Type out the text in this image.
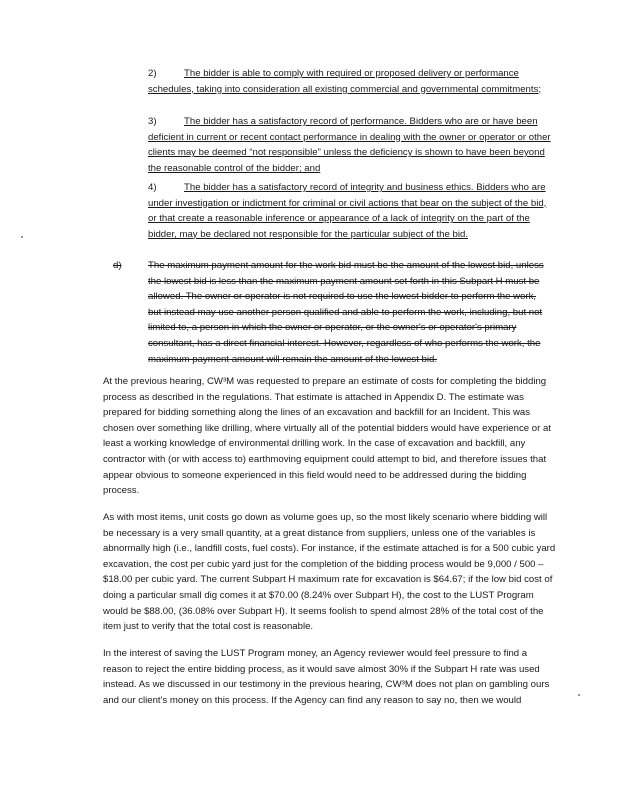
2)	The bidder is able to comply with required or proposed delivery or performance schedules, taking into consideration all existing commercial and governmental commitments;

3)	The bidder has a satisfactory record of performance. Bidders who are or have been deficient in current or recent contact performance in dealing with the owner or operator or other clients may be deemed “not responsible” unless the deficiency is shown to have been beyond the reasonable control of the bidder; and

4)	The bidder has a satisfactory record of integrity and business ethics. Bidders who are under investigation or indictment for criminal or civil actions that bear on the subject of the bid, or that create a reasonable inference or appearance of a lack of integrity on the part of the bidder, may be declared not responsible for the particular subject of the bid.

d)	The maximum payment amount for the work bid must be the amount of the lowest bid, unless the lowest bid is less than the maximum payment amount set forth in this Subpart H must be allowed. The owner or operator is not required to use the lowest bidder to perform the work, but instead may use another person qualified and able to perform the work, including, but not limited to, a person in which the owner or operator, or the owner's or operator's primary consultant, has a direct financial interest. However, regardless of who performs the work, the maximum payment amount will remain the amount of the lowest bid.

At the previous hearing, CW³M was requested to prepare an estimate of costs for completing the bidding process as described in the regulations. That estimate is attached in Appendix D. The estimate was prepared for bidding something along the lines of an excavation and backfill for an Incident. This was chosen over something like drilling, where virtually all of the potential bidders would have experience or at least a working knowledge of environmental drilling work. In the case of excavation and backfill, any contractor with (or with access to) earthmoving equipment could attempt to bid, and therefore issues that appear obvious to someone experienced in this field would need to be addressed during the bidding process.

As with most items, unit costs go down as volume goes up, so the most likely scenario where bidding will be necessary is a very small quantity, at a great distance from suppliers, unless one of the variables is abnormally high (i.e., landfill costs, fuel costs). For instance, if the estimate attached is for a 500 cubic yard excavation, the cost per cubic yard just for the completion of the bidding process would be 9,000 / 500 – $18.00 per cubic yard. The current Subpart H maximum rate for excavation is $64.67; if the low bid cost of doing a particular small dig comes it at $70.00 (8.24% over Subpart H), the cost to the LUST Program would be $88.00, (36.08% over Subpart H). It seems foolish to spend almost 28% of the total cost of the item just to verify that the total cost is reasonable.

In the interest of saving the LUST Program money, an Agency reviewer would feel pressure to find a reason to reject the entire bidding process, as it would save almost 30% if the Subpart H rate was used instead. As we discussed in our testimony in the previous hearing, CW³M does not plan on gambling ours and our client's money on this process. If the Agency can find any reason to say no, then we would
